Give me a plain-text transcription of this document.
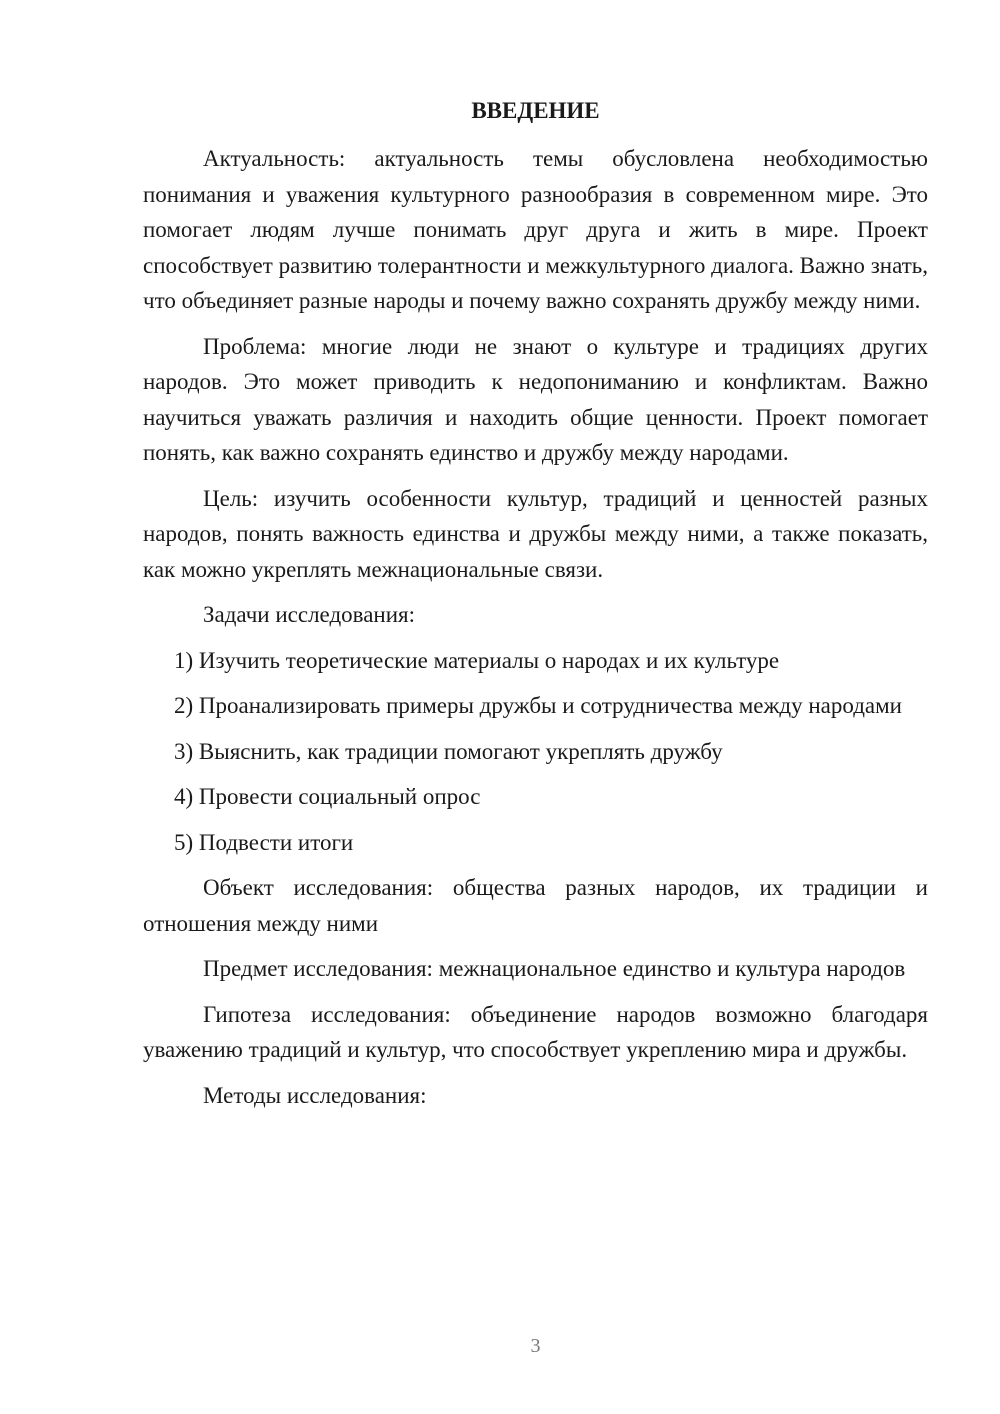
ВВЕДЕНИЕ

Актуальность: актуальность темы обусловлена необходимостью понимания и уважения культурного разнообразия в современном мире. Это помогает людям лучше понимать друг друга и жить в мире. Проект способствует развитию толерантности и межкультурного диалога. Важно знать, что объединяет разные народы и почему важно сохранять дружбу между ними.

Проблема: многие люди не знают о культуре и традициях других народов. Это может приводить к недопониманию и конфликтам. Важно научиться уважать различия и находить общие ценности. Проект помогает понять, как важно сохранять единство и дружбу между народами.

Цель: изучить особенности культур, традиций и ценностей разных народов, понять важность единства и дружбы между ними, а также показать, как можно укреплять межнациональные связи.

Задачи исследования:

1) Изучить теоретические материалы о народах и их культуре

2) Проанализировать примеры дружбы и сотрудничества между народами

3) Выяснить, как традиции помогают укреплять дружбу

4) Провести социальный опрос

5) Подвести итоги

Объект исследования: общества разных народов, их традиции и отношения между ними

Предмет исследования: межнациональное единство и культура народов

Гипотеза исследования: объединение народов возможно благодаря уважению традиций и культур, что способствует укреплению мира и дружбы.

Методы исследования:

3
